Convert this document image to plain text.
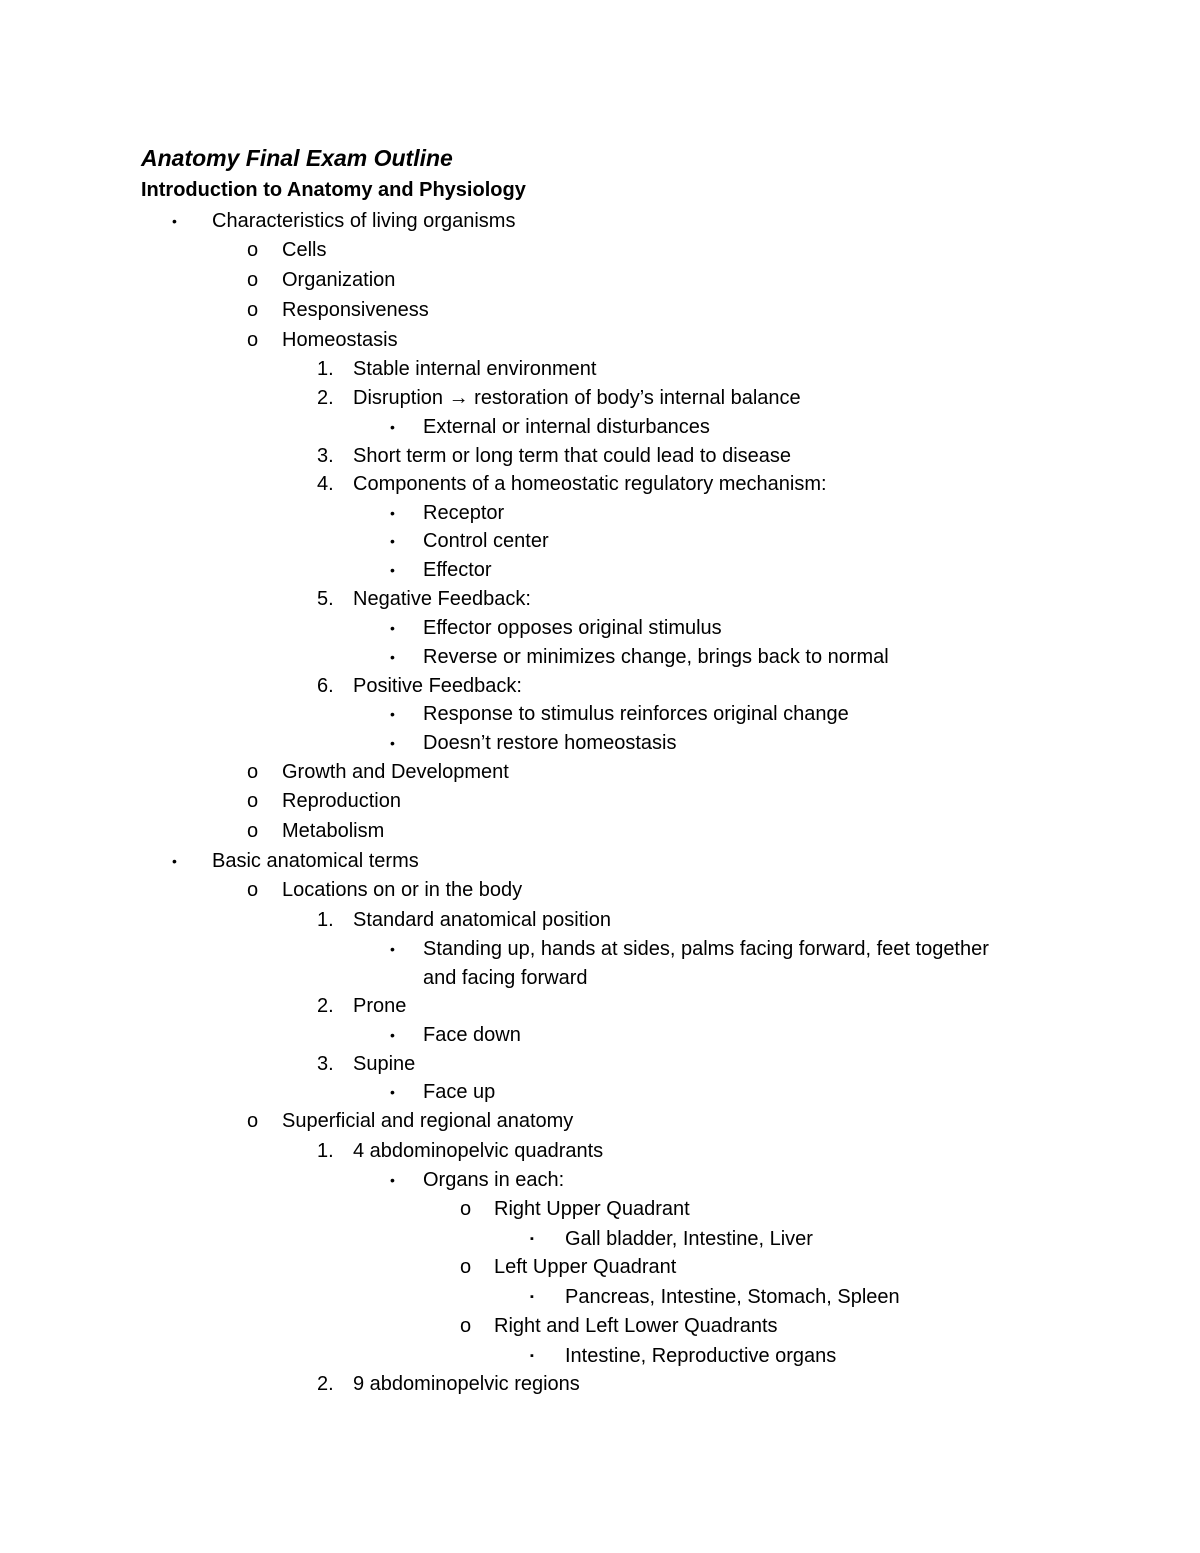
Anatomy Final Exam Outline
Introduction to Anatomy and Physiology
• Characteristics of living organisms
o Cells
o Organization
o Responsiveness
o Homeostasis
1. Stable internal environment
2. Disruption → restoration of body’s internal balance
• External or internal disturbances
3. Short term or long term that could lead to disease
4. Components of a homeostatic regulatory mechanism:
• Receptor
• Control center
• Effector
5. Negative Feedback:
• Effector opposes original stimulus
• Reverse or minimizes change, brings back to normal
6. Positive Feedback:
• Response to stimulus reinforces original change
• Doesn’t restore homeostasis
o Growth and Development
o Reproduction
o Metabolism
• Basic anatomical terms
o Locations on or in the body
1. Standard anatomical position
• Standing up, hands at sides, palms facing forward, feet together
and facing forward
2. Prone
• Face down
3. Supine
• Face up
o Superficial and regional anatomy
1. 4 abdominopelvic quadrants
• Organs in each:
o Right Upper Quadrant
▪ Gall bladder, Intestine, Liver
o Left Upper Quadrant
▪ Pancreas, Intestine, Stomach, Spleen
o Right and Left Lower Quadrants
▪ Intestine, Reproductive organs
2. 9 abdominopelvic regions
